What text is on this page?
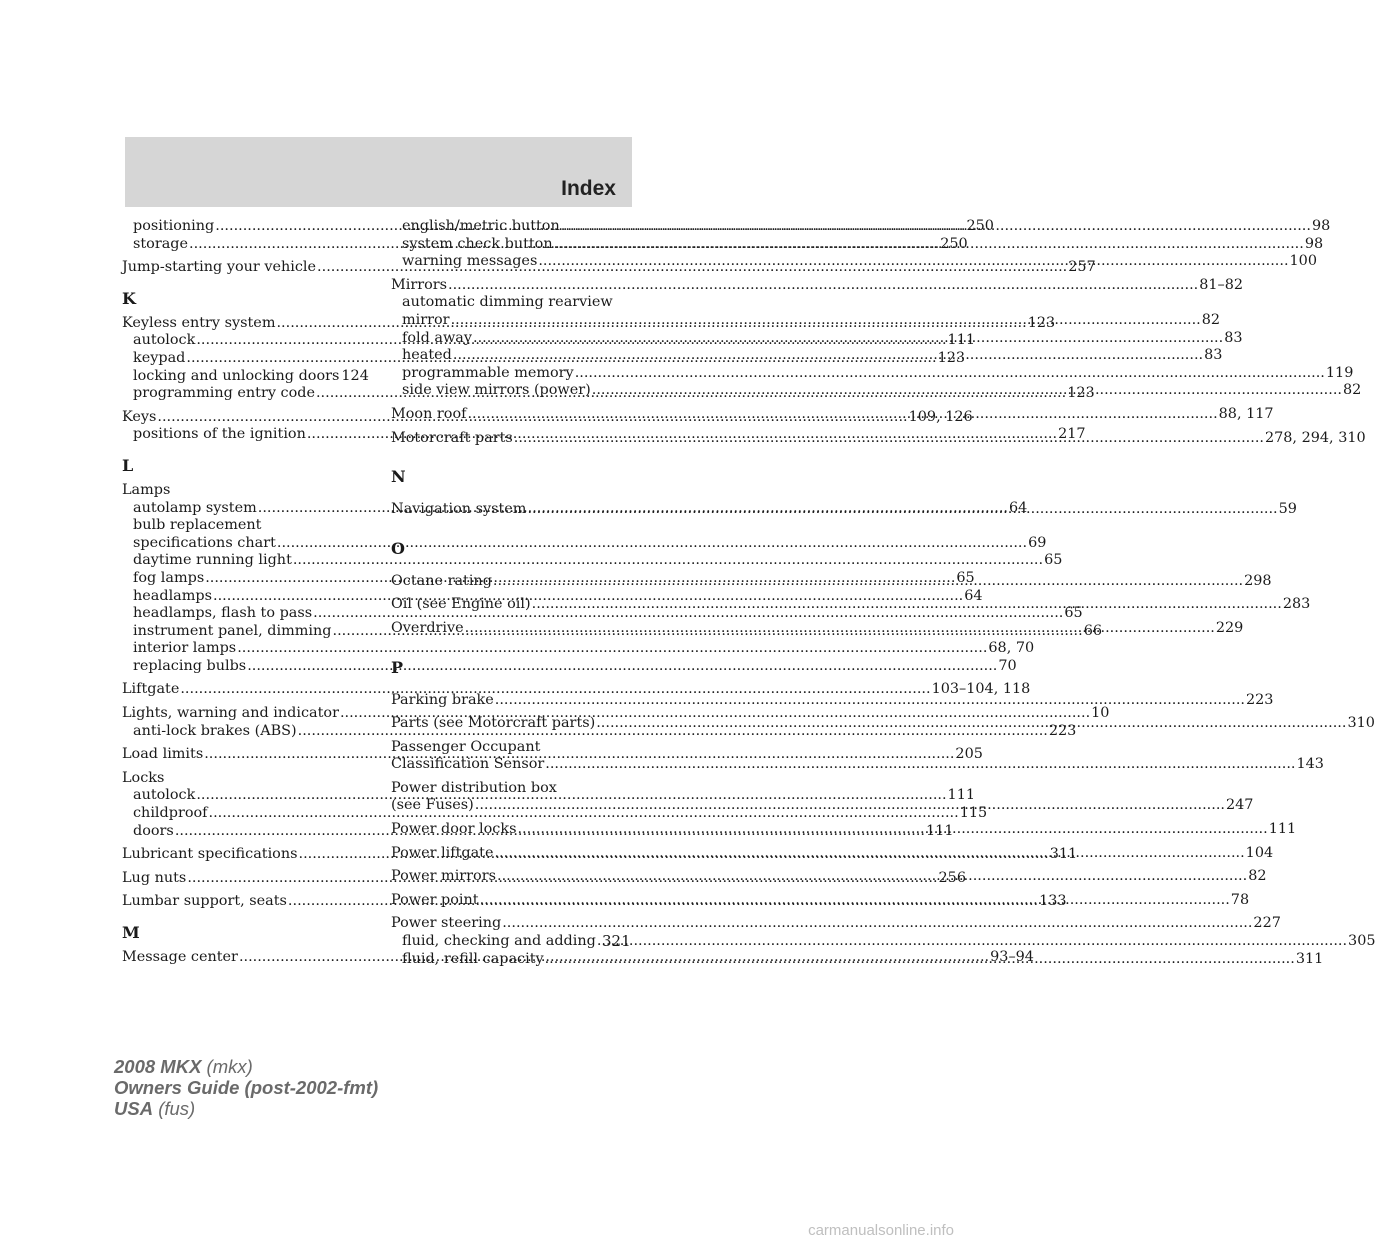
Index
positioning .....	250
storage .....	250
Jump-starting your vehicle .....	257
K
Keyless entry system .....	123
autolock .....	111
keypad .....	123
locking and unlocking doors 124
programming entry code .....	123
Keys .....	109, 126
positions of the ignition .....	217
L
Lamps
autolamp system .....	64
bulb replacement
specifications chart .....	69
daytime running light .....	65
fog lamps .....	65
headlamps .....	64
headlamps, flash to pass .....	65
instrument panel, dimming .....	66
interior lamps .....	68, 70
replacing bulbs .....	70
Liftgate .....	103–104, 118
Lights, warning and indicator .....	10
anti-lock brakes (ABS) .....	223
Load limits .....	205
Locks
autolock .....	111
childproof .....	115
doors .....	111
Lubricant specifications .....	311
Lug nuts .....	256
Lumbar support, seats .....	133
M
Message center .....	93–94
english/metric button .....	98
system check button .....	98
warning messages .....	100
Mirrors .....	81–82
automatic dimming rearview
mirror .....	82
fold away .....	83
heated .....	83
programmable memory .....	119
side view mirrors (power) .....	82
Moon roof .....	88, 117
Motorcraft parts .....	278, 294, 310
N
Navigation system .....	59
O
Octane rating .....	298
Oil (see Engine oil) .....	283
Overdrive .....	229
P
Parking brake .....	223
Parts (see Motorcraft parts) .....	310
Passenger Occupant
Classification Sensor .....	143
Power distribution box
(see Fuses) .....	247
Power door locks .....	111
Power liftgate .....	104
Power mirrors .....	82
Power point .....	78
Power steering .....	227
fluid, checking and adding .....	305
fluid, refill capacity .....	311
321
2008 MKX (mkx)
Owners Guide (post-2002-fmt)
USA (fus)
carmanualsonline.info
